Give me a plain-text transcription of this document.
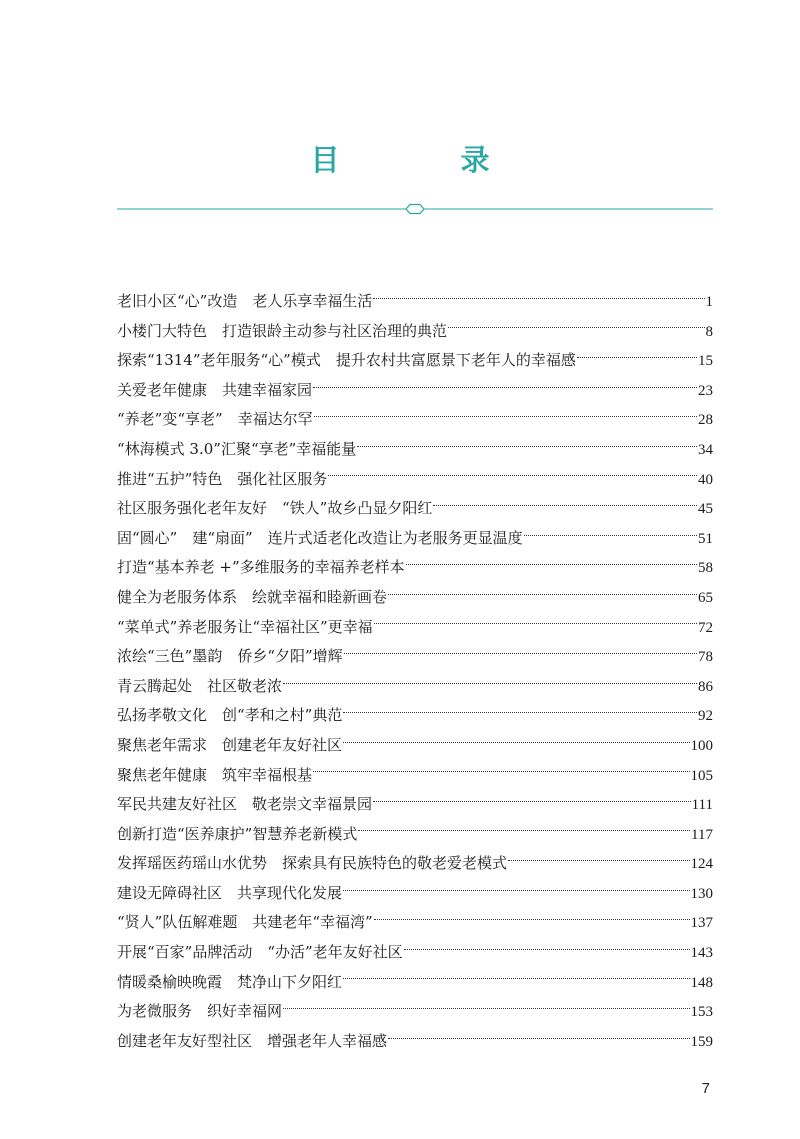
目　录
老旧小区“心”改造　老人乐享幸福生活	1
小楼门大特色　打造银龄主动参与社区治理的典范	8
探索“1314”老年服务“心”模式　提升农村共富愿景下老年人的幸福感	15
关爱老年健康　共建幸福家园	23
“养老”变“享老”　幸福达尔罕	28
“林海模式 3.0”汇聚“享老”幸福能量	34
推进“五护”特色　强化社区服务	40
社区服务强化老年友好　“铁人”故乡凸显夕阳红	45
固“圆心”　建“扇面”　连片式适老化改造让为老服务更显温度	51
打造“基本养老 +”多维服务的幸福养老样本	58
健全为老服务体系　绘就幸福和睦新画卷	65
“菜单式”养老服务让“幸福社区”更幸福	72
浓绘“三色”墨韵　侨乡“夕阳”增辉	78
青云腾起处　社区敬老浓	86
弘扬孝敬文化　创“孝和之村”典范	92
聚焦老年需求　创建老年友好社区	100
聚焦老年健康　筑牢幸福根基	105
军民共建友好社区　敬老崇文幸福景园	111
创新打造“医养康护”智慧养老新模式	117
发挥瑶医药瑶山水优势　探索具有民族特色的敬老爱老模式	124
建设无障碍社区　共享现代化发展	130
“贤人”队伍解难题　共建老年“幸福湾”	137
开展“百家”品牌活动　“办活”老年友好社区	143
情暖桑榆映晚霞　梵净山下夕阳红	148
为老微服务　织好幸福网	153
创建老年友好型社区　增强老年人幸福感	159
7
